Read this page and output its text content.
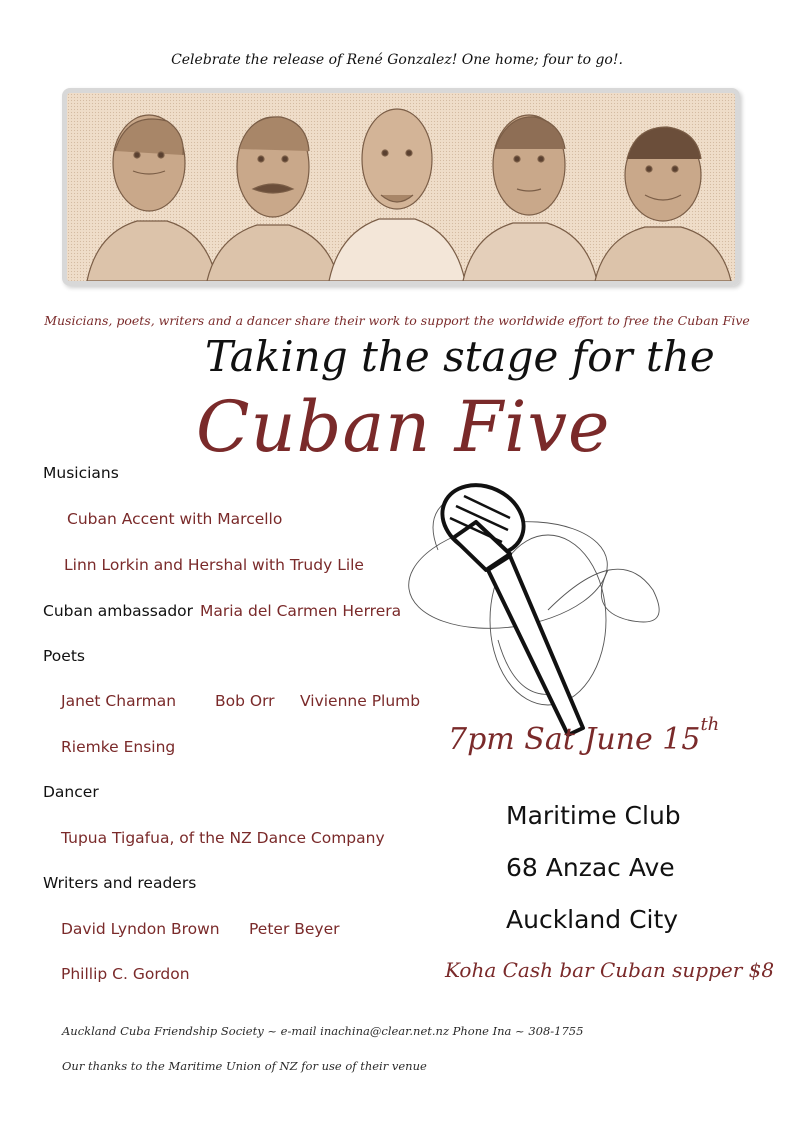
Celebrate the release of René Gonzalez! One home; four to go!.
Musicians, poets, writers and a dancer share their work to support the worldwide effort to free the Cuban Five
Taking the stage for the
Cuban Five
Musicians
Cuban Accent with Marcello
Linn Lorkin and Hershal with Trudy Lile
Cuban ambassador Maria del Carmen Herrera
Poets
Janet Charman	Bob Orr Vivienne Plumb
Riemke Ensing
Dancer
Tupua Tigafua, of the NZ Dance Company
Writers and readers
David Lyndon Brown Peter Beyer
Phillip C. Gordon
7pm Sat June 15th
Maritime Club
68 Anzac Ave
Auckland City
Koha Cash bar Cuban supper $8
Auckland Cuba Friendship Society ~ e-mail inachina@clear.net.nz Phone Ina ~ 308-1755
Our thanks to the Maritime Union of NZ for use of their venue
